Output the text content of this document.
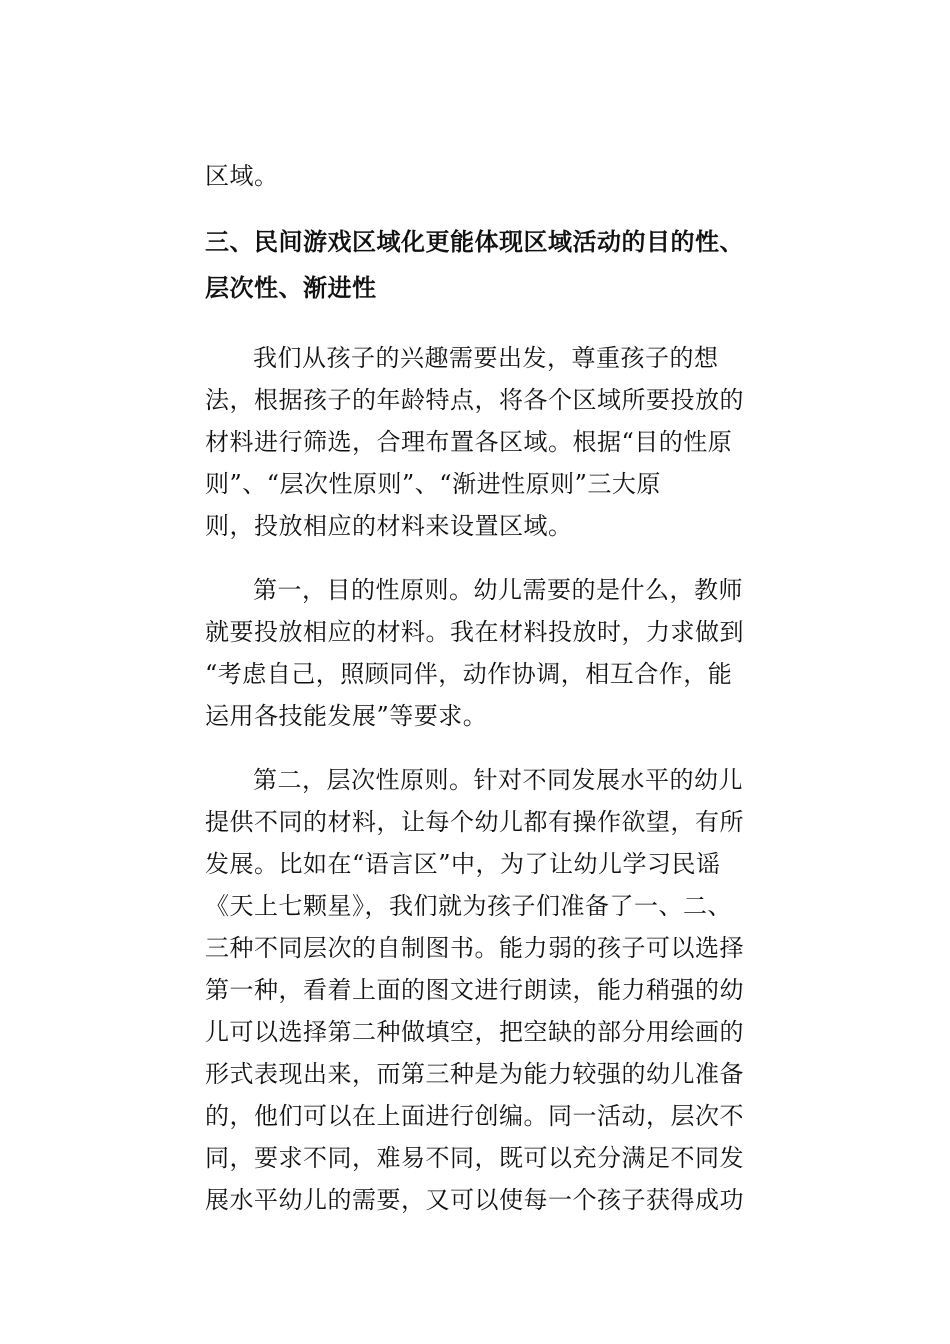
区域。
三、民间游戏区域化更能体现区域活动的目的性、
层次性、渐进性
我们从孩子的兴趣需要出发，尊重孩子的想
法，根据孩子的年龄特点，将各个区域所要投放的
材料进行筛选，合理布置各区域。根据“目的性原
则”、“层次性原则”、“渐进性原则”三大原
则，投放相应的材料来设置区域。
第一，目的性原则。幼儿需要的是什么，教师
就要投放相应的材料。我在材料投放时，力求做到
“考虑自己，照顾同伴，动作协调，相互合作，能
运用各技能发展”等要求。
第二，层次性原则。针对不同发展水平的幼儿
提供不同的材料，让每个幼儿都有操作欲望，有所
发展。比如在“语言区”中，为了让幼儿学习民谣
《天上七颗星》，我们就为孩子们准备了一、二、
三种不同层次的自制图书。能力弱的孩子可以选择
第一种，看着上面的图文进行朗读，能力稍强的幼
儿可以选择第二种做填空，把空缺的部分用绘画的
形式表现出来，而第三种是为能力较强的幼儿准备
的，他们可以在上面进行创编。同一活动，层次不
同，要求不同，难易不同，既可以充分满足不同发
展水平幼儿的需要，又可以使每一个孩子获得成功
